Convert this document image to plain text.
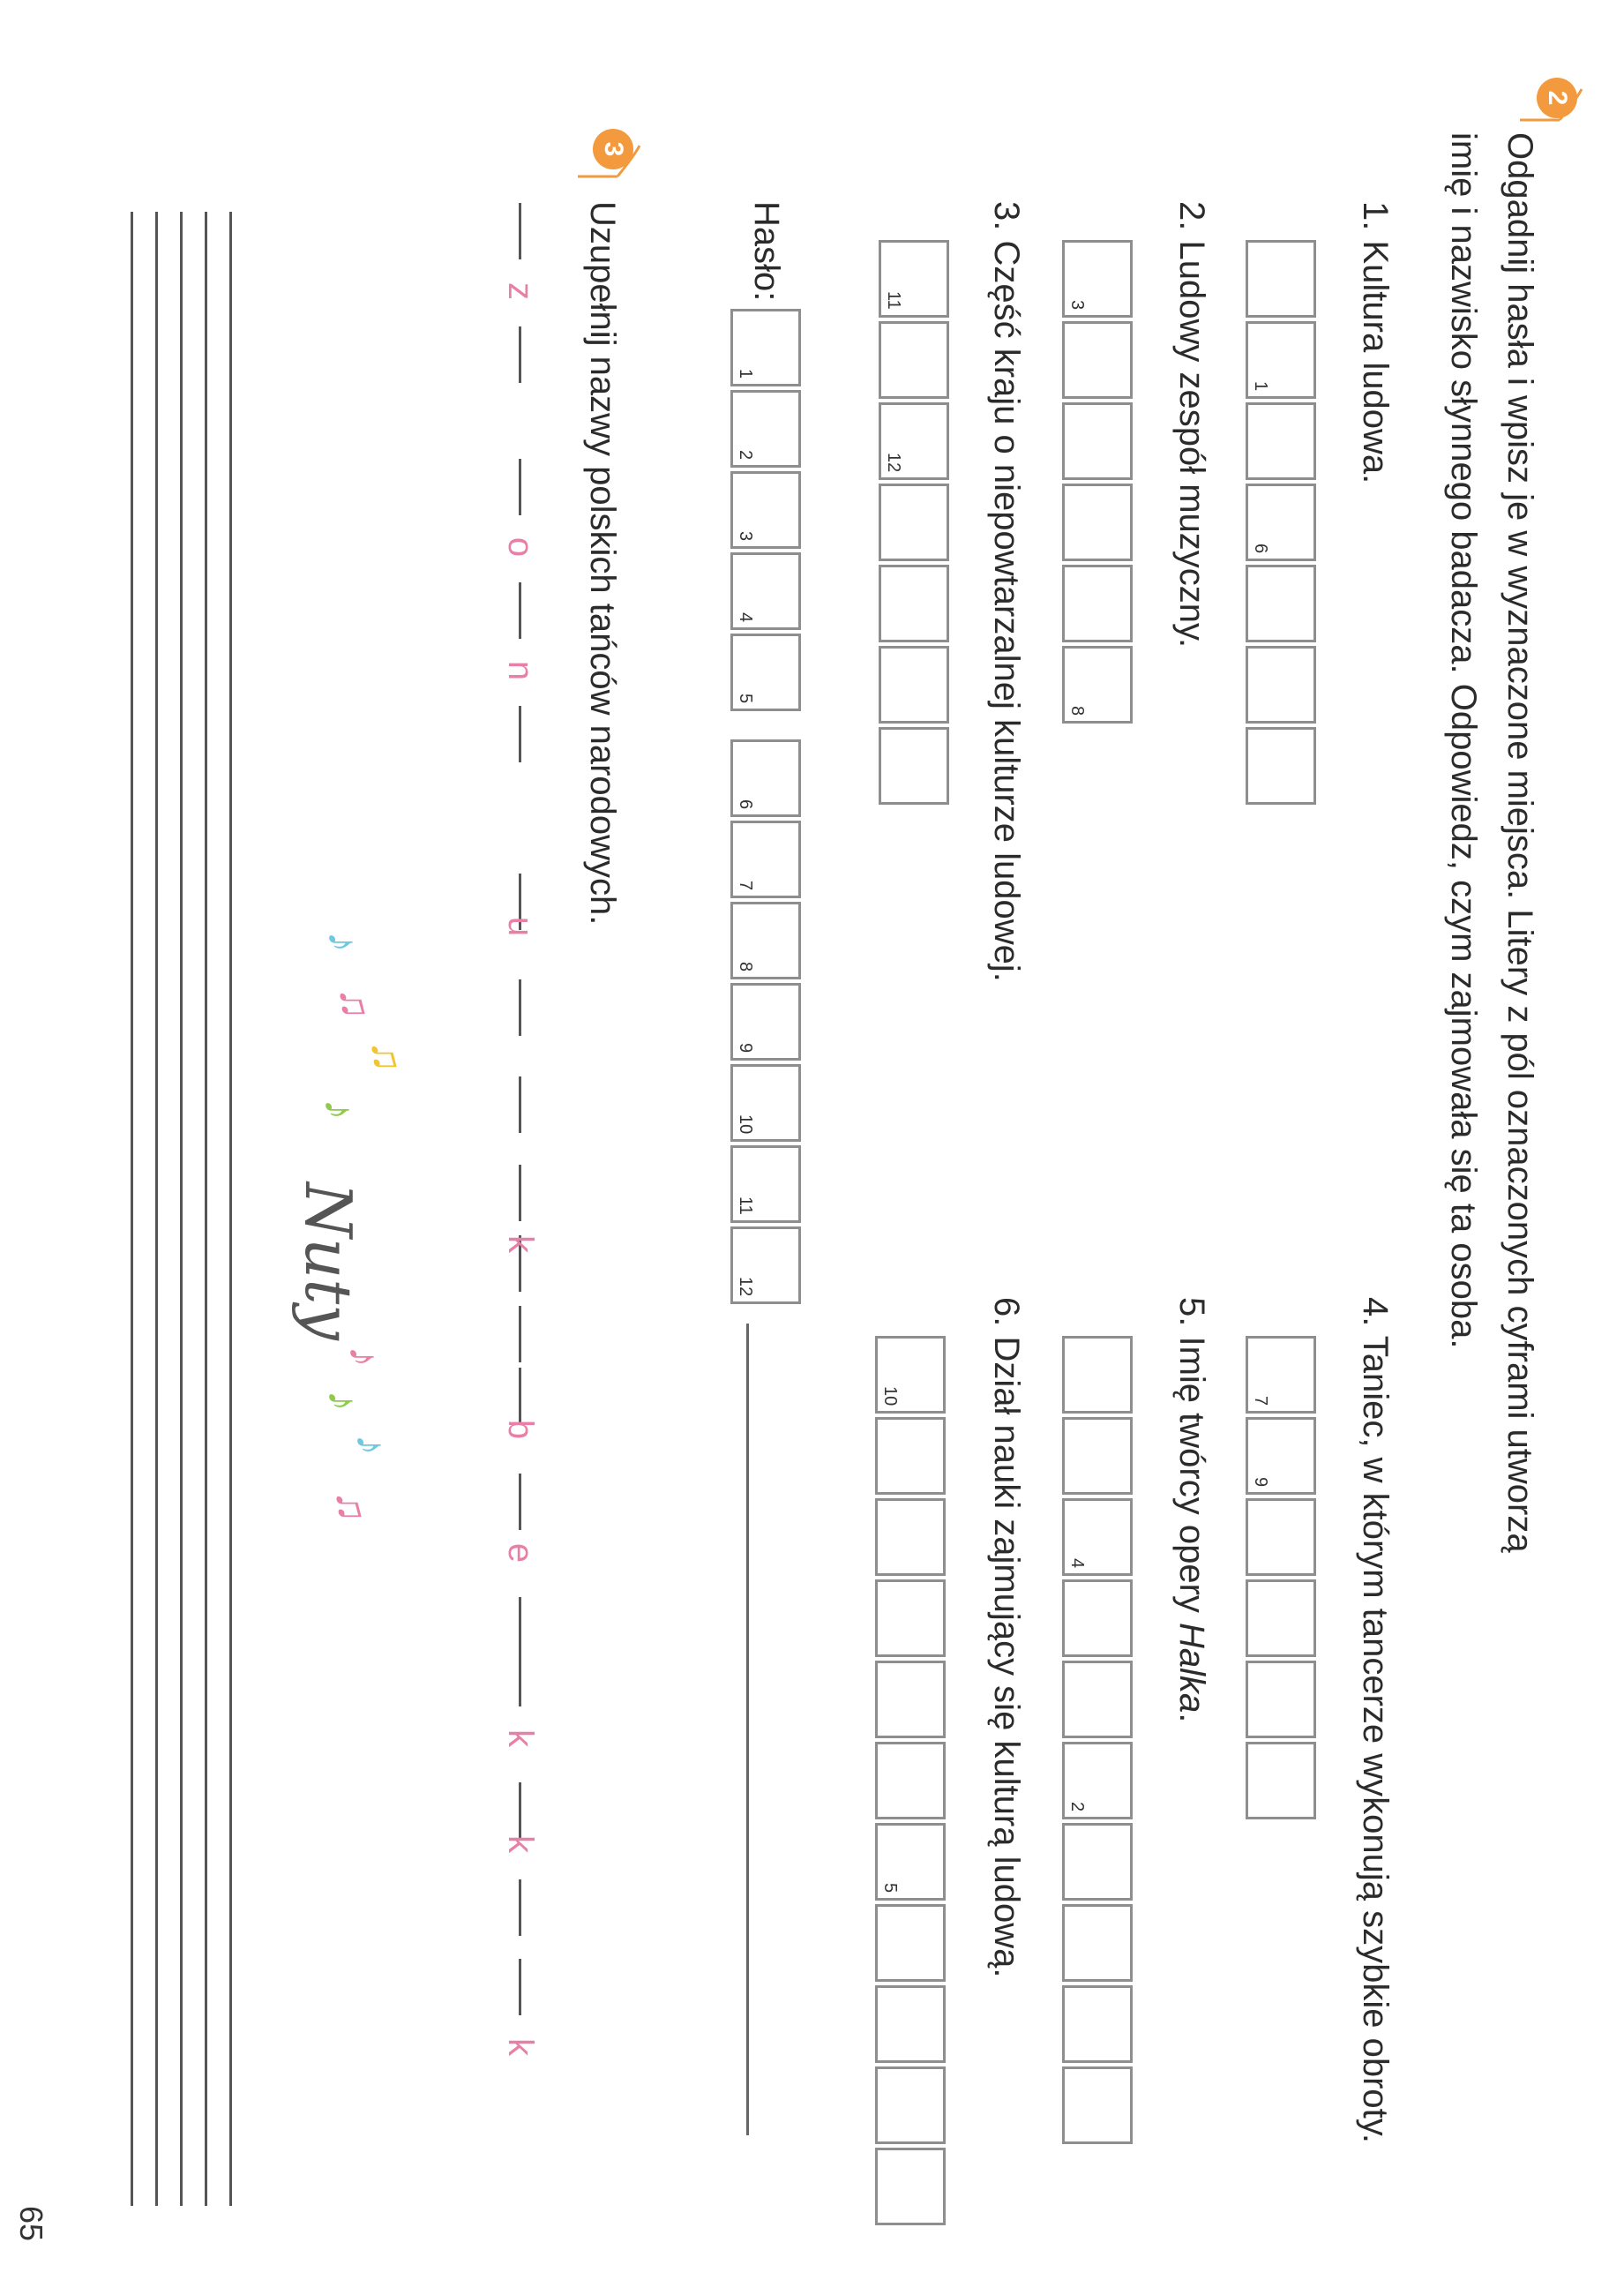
2
Odgadnij hasła i wpisz je w wyznaczone miejsca. Litery z pól oznaczonych cyframi utworzą
imię i nazwisko słynnego badacza. Odpowiedz, czym zajmowała się ta osoba.
1. Kultura ludowa.
2. Ludowy zespół muzyczny.
3. Część kraju o niepowtarzalnej kulturze ludowej.
4. Taniec, w którym tancerze wykonują szybkie obroty.
5. Imię twórcy opery Halka.
6. Dział nauki zajmujący się kulturą ludową.
1
6
3
8
11
12
7
9
4
2
10
5
Hasło:
1
2
3
4
5
6
7
8
9
10
11
12
3
Uzupełnij nazwy polskich tańców narodowych.
z
o
n
u
k
b
e
k
k
k
♪
♫
♫
♪
Nuty
♪
♪
♪
♫
65
